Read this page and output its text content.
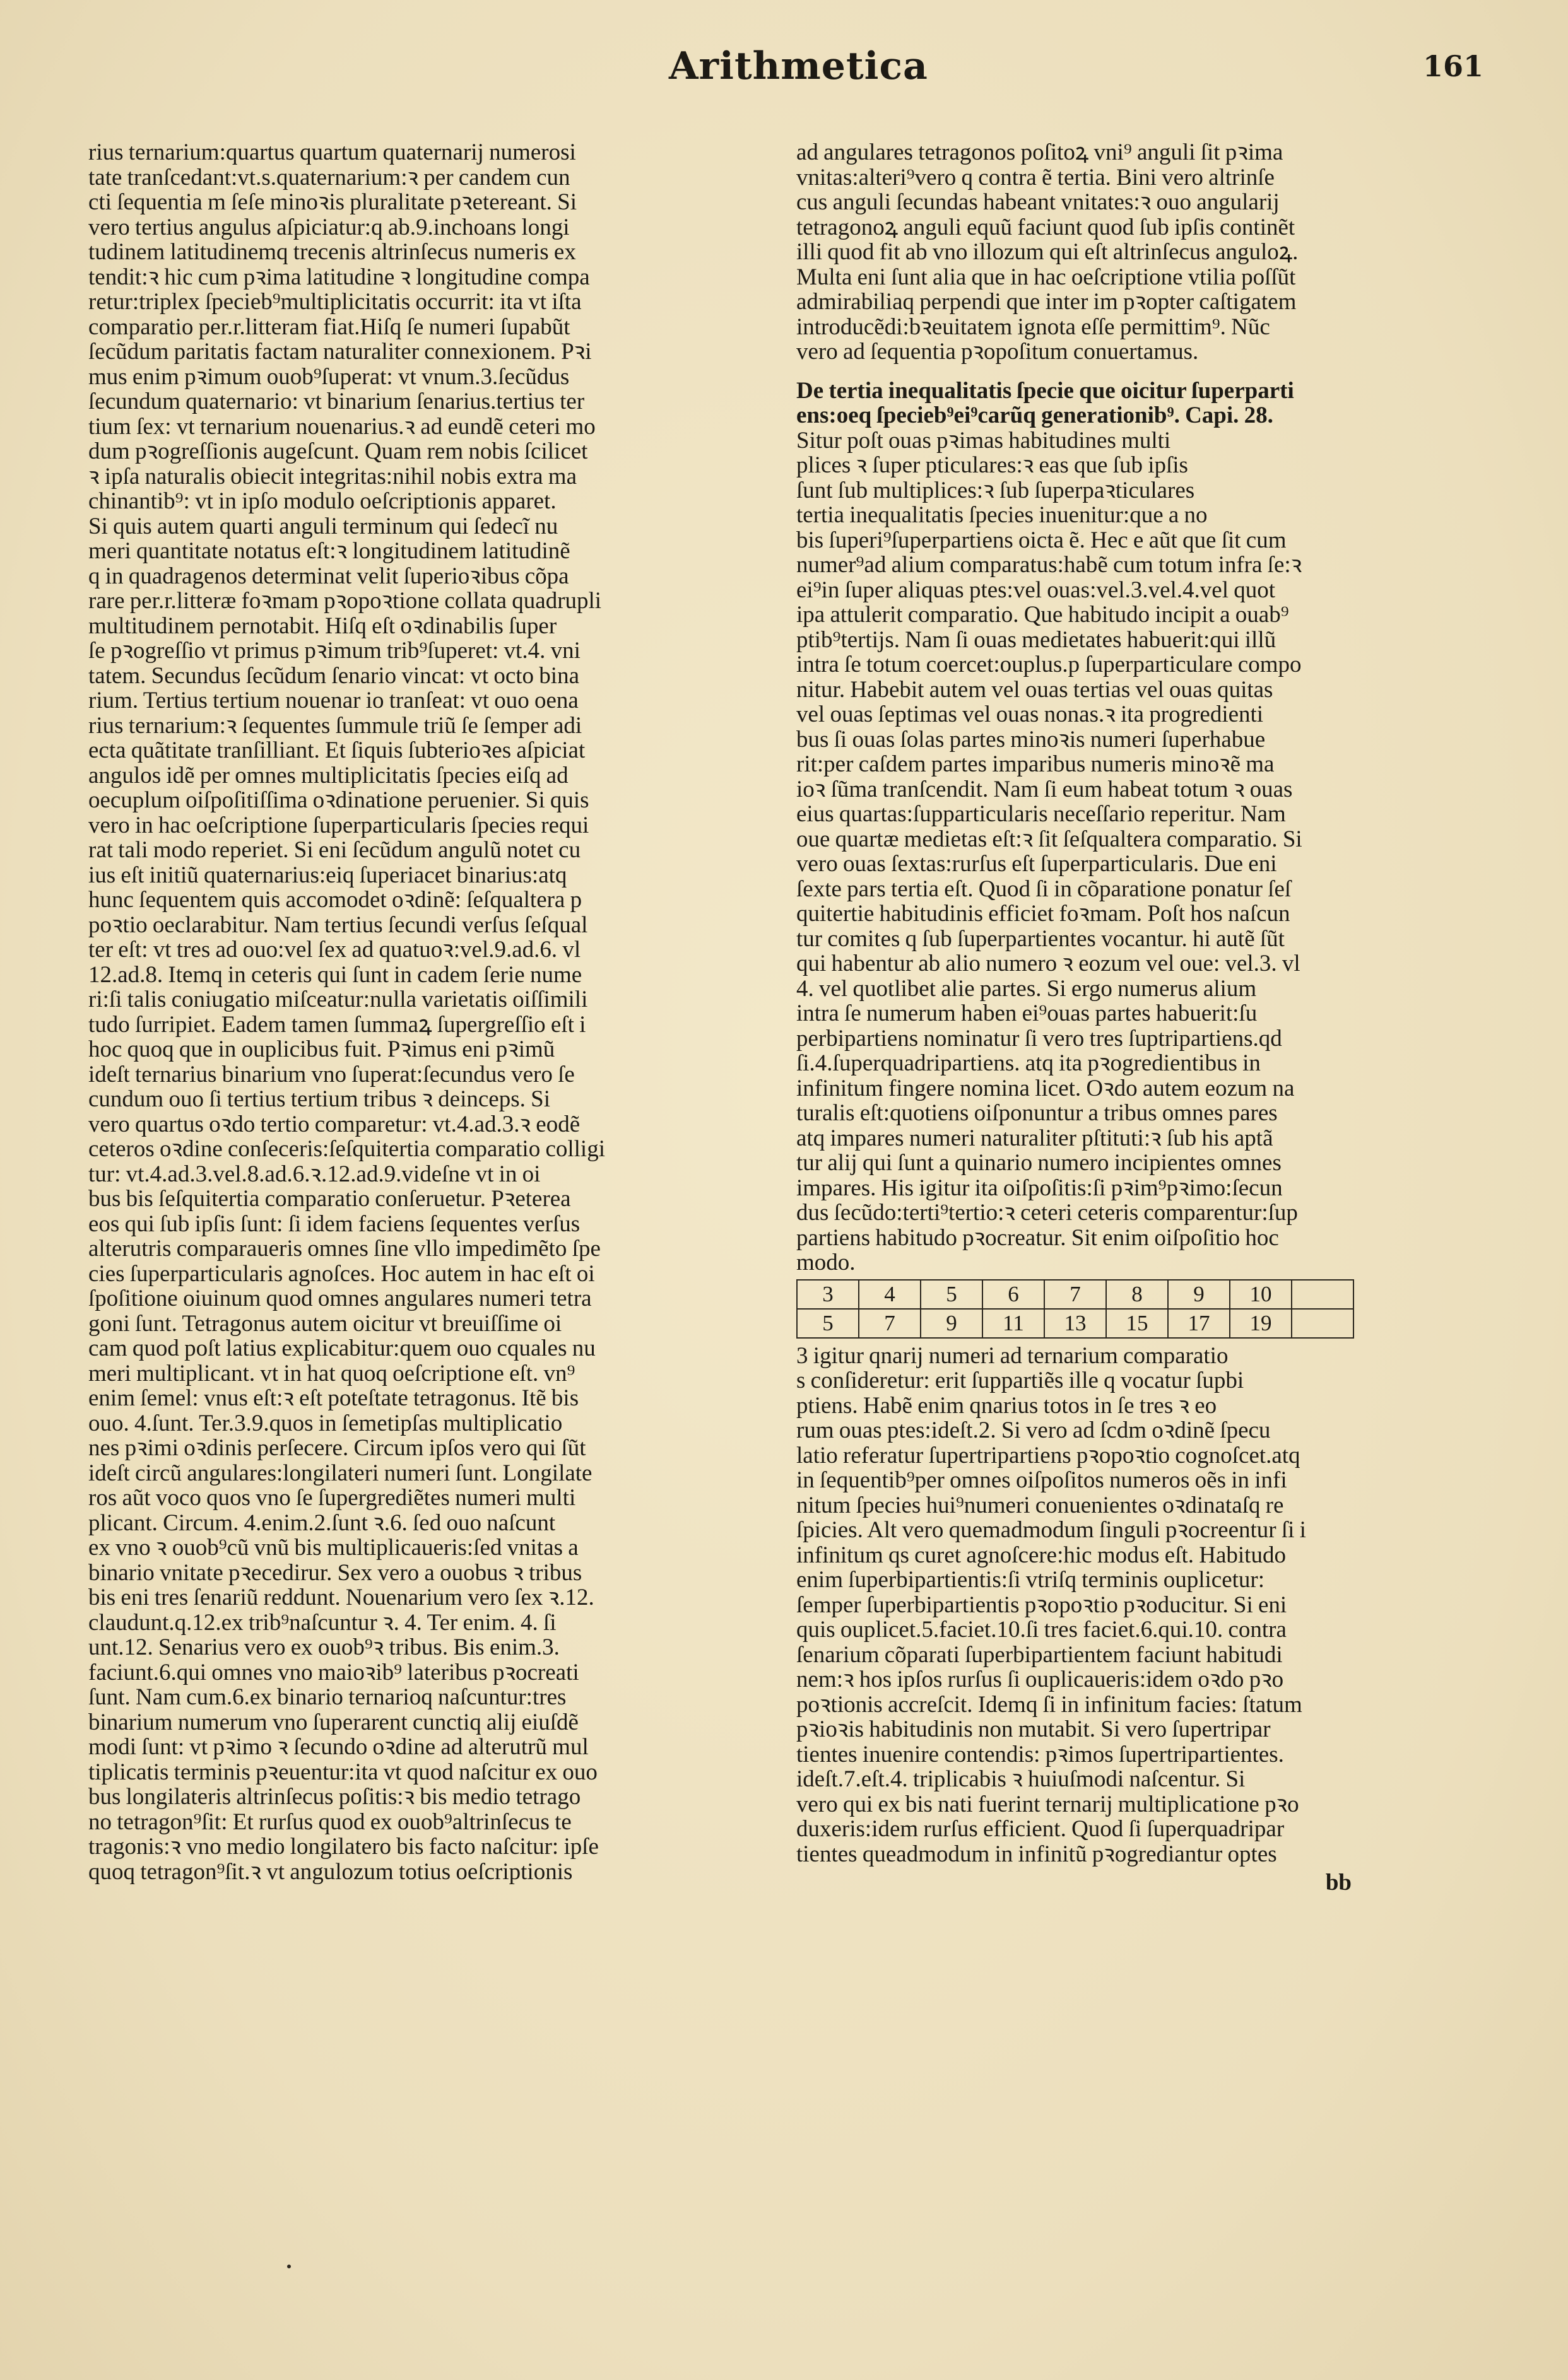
Arithmetica	161
rius ternarium:quartus quartum quaternarij numerosi
tate tranſcedant:vt.s.quaternarium:ꝛ per candem cun
cti ſequentia m ſeſe minoꝛis pluralitate pꝛetereant. Si
vero tertius angulus aſpiciatur:q ab.9.inchoans longi
tudinem latitudinemq trecenis altrinſecus numeris ex
tendit:ꝛ hic cum pꝛima latitudine ꝛ longitudine compa
retur:triplex ſpecieb⁹multiplicitatis occurrit: ita vt iſta
comparatio per.r.litteram fiat.Hiſq ſe numeri ſupabũt
ſecũdum paritatis factam naturaliter connexionem. Pꝛi
mus enim pꝛimum ouob⁹ſuperat: vt vnum.3.ſecũdus
ſecundum quaternario: vt binarium ſenarius.tertius ter
tium ſex: vt ternarium nouenarius.ꝛ ad eundẽ ceteri mo
dum pꝛogreſſionis augeſcunt. Quam rem nobis ſcilicet
ꝛ ipſa naturalis obiecit integritas:nihil nobis extra ma
chinantib⁹: vt in ipſo modulo oeſcriptionis apparet.
Si quis autem quarti anguli terminum qui ſedecĩ nu
meri quantitate notatus eſt:ꝛ longitudinem latitudinẽ
q in quadragenos determinat velit ſuperioꝛibus cõpa
rare per.r.litteræ foꝛmam pꝛopoꝛtione collata quadrupli
multitudinem pernotabit. Hiſq eſt oꝛdinabilis ſuper
ſe pꝛogreſſio vt primus pꝛimum trib⁹ſuperet: vt.4. vni
tatem. Secundus ſecũdum ſenario vincat: vt octo bina
rium. Tertius tertium nouenar io tranſeat: vt ouo oena
rius ternarium:ꝛ ſequentes ſummule triũ ſe ſemper adi
ecta quãtitate tranſilliant. Et ſiquis ſubterioꝛes aſpiciat
angulos idẽ per omnes multiplicitatis ſpecies eiſq ad
oecuplum oiſpoſitiſſima oꝛdinatione peruenier. Si quis
vero in hac oeſcriptione ſuperparticularis ſpecies requi
rat tali modo reperiet. Si eni ſecũdum angulũ notet cu
ius eſt initiũ quaternarius:eiq ſuperiacet binarius:atq
hunc ſequentem quis accomodet oꝛdinẽ: ſeſqualtera p
poꝛtio oeclarabitur. Nam tertius ſecundi verſus ſeſqual
ter eſt: vt tres ad ouo:vel ſex ad quatuoꝛ:vel.9.ad.6. vl
12.ad.8. Itemq in ceteris qui ſunt in cadem ſerie nume
ri:ſi talis coniugatio miſceatur:nulla varietatis oiſſimili
tudo ſurripiet. Eadem tamen ſummaꝝ ſupergreſſio eſt i
hoc quoq que in ouplicibus fuit. Pꝛimus eni pꝛimũ
ideſt ternarius binarium vno ſuperat:ſecundus vero ſe
cundum ouo ſi tertius tertium tribus ꝛ deinceps. Si
vero quartus oꝛdo tertio comparetur: vt.4.ad.3.ꝛ eodẽ
ceteros oꝛdine conſeceris:ſeſquitertia comparatio colligi
tur: vt.4.ad.3.vel.8.ad.6.ꝛ.12.ad.9.videſne vt in oi
bus bis ſeſquitertia comparatio conſeruetur. Pꝛeterea
eos qui ſub ipſis ſunt: ſi idem faciens ſequentes verſus
alterutris comparaueris omnes ſine vllo impedimẽto ſpe
cies ſuperparticularis agnoſces. Hoc autem in hac eſt oi
ſpoſitione oiuinum quod omnes angulares numeri tetra
goni ſunt. Tetragonus autem oicitur vt breuiſſime oi
cam quod poſt latius explicabitur:quem ouo cquales nu
meri multiplicant. vt in hat quoq oeſcriptione eſt. vn⁹
enim ſemel: vnus eſt:ꝛ eſt poteſtate tetragonus. Itẽ bis
ouo. 4.ſunt. Ter.3.9.quos in ſemetipſas multiplicatio
nes pꝛimi oꝛdinis perſecere. Circum ipſos vero qui ſũt
ideſt circũ angulares:longilateri numeri ſunt. Longilate
ros aũt voco quos vno ſe ſupergrediẽtes numeri multi
plicant. Circum. 4.enim.2.ſunt ꝛ.6. ſed ouo naſcunt
ex vno ꝛ ouob⁹cũ vnũ bis multiplicaueris:ſed vnitas a
binario vnitate pꝛecedirur. Sex vero a ouobus ꝛ tribus
bis eni tres ſenariũ reddunt. Nouenarium vero ſex ꝛ.12.
claudunt.q.12.ex trib⁹naſcuntur ꝛ. 4. Ter enim. 4. ſi
unt.12. Senarius vero ex ouob⁹ꝛ tribus. Bis enim.3.
faciunt.6.qui omnes vno maioꝛib⁹ lateribus pꝛocreati
ſunt. Nam cum.6.ex binario ternarioq naſcuntur:tres
binarium numerum vno ſuperarent cunctiq alij eiuſdẽ
modi ſunt: vt pꝛimo ꝛ ſecundo oꝛdine ad alterutrũ mul
tiplicatis terminis pꝛeuentur:ita vt quod naſcitur ex ouo
bus longilateris altrinſecus poſitis:ꝛ bis medio tetrago
no tetragon⁹ſit: Et rurſus quod ex ouob⁹altrinſecus te
tragonis:ꝛ vno medio longilatero bis facto naſcitur: ipſe
quoq tetragon⁹ſit.ꝛ vt angulozum totius oeſcriptionis
ad angulares tetragonos poſitoꝝ vni⁹ anguli ſit pꝛima
vnitas:alteri⁹vero q contra ẽ tertia. Bini vero altrinſe
cus anguli ſecundas habeant vnitates:ꝛ ouo angularij
tetragonoꝝ anguli equũ faciunt quod ſub ipſis continẽt
illi quod fit ab vno illozum qui eſt altrinſecus anguloꝝ.
Multa eni ſunt alia que in hac oeſcriptione vtilia poſſũt
admirabiliaq perpendi que inter im pꝛopter caſtigatem
introducẽdi:bꝛeuitatem ignota eſſe permittim⁹. Nũc
vero ad ſequentia pꝛopoſitum conuertamus.
De tertia inequalitatis ſpecie que oicitur ſuperparti
ens:oeq ſpecieb⁹ei⁹carũq generationib⁹. Capi. 28.
Situr poſt ouas pꝛimas habitudines multi
plices ꝛ ſuper pticulares:ꝛ eas que ſub ipſis
ſunt ſub multiplices:ꝛ ſub ſuperpaꝛticulares
tertia inequalitatis ſpecies inuenitur:que a no
bis ſuperi⁹ſuperpartiens oicta ẽ. Hec e aũt que ſit cum
numer⁹ad alium comparatus:habẽ cum totum infra ſe:ꝛ
ei⁹in ſuper aliquas ptes:vel ouas:vel.3.vel.4.vel quot
ipa attulerit comparatio. Que habitudo incipit a ouab⁹
ptib⁹tertijs. Nam ſi ouas medietates habuerit:qui illũ
intra ſe totum coercet:ouplus.p ſuperparticulare compo
nitur. Habebit autem vel ouas tertias vel ouas quitas
vel ouas ſeptimas vel ouas nonas.ꝛ ita progredienti
bus ſi ouas ſolas partes minoꝛis numeri ſuperhabue
rit:per caſdem partes imparibus numeris minoꝛẽ ma
ioꝛ ſũma tranſcendit. Nam ſi eum habeat totum ꝛ ouas
eius quartas:ſupparticularis neceſſario reperitur. Nam
oue quartæ medietas eſt:ꝛ ſit ſeſqualtera comparatio. Si
vero ouas ſextas:rurſus eſt ſuperparticularis. Due eni
ſexte pars tertia eſt. Quod ſi in cõparatione ponatur ſeſ
quitertie habitudinis efficiet foꝛmam. Poſt hos naſcun
tur comites q ſub ſuperpartientes vocantur. hi autẽ ſũt
qui habentur ab alio numero ꝛ eozum vel oue: vel.3. vl
4. vel quotlibet alie partes. Si ergo numerus alium
intra ſe numerum haben ei⁹ouas partes habuerit:ſu
perbipartiens nominatur ſi vero tres ſuptripartiens.qd
ſi.4.ſuperquadripartiens. atq ita pꝛogredientibus in
infinitum fingere nomina licet. Oꝛdo autem eozum na
turalis eſt:quotiens oiſponuntur a tribus omnes pares
atq impares numeri naturaliter pſtituti:ꝛ ſub his aptã
tur alij qui ſunt a quinario numero incipientes omnes
impares. His igitur ita oiſpoſitis:ſi pꝛim⁹pꝛimo:ſecun
dus ſecũdo:terti⁹tertio:ꝛ ceteri ceteris comparentur:ſup
partiens habitudo pꝛocreatur. Sit enim oiſpoſitio hoc
modo.
3	4	5	6	7	8	9	10	
5	7	9	11	13	15	17	19	
3 igitur qnarij numeri ad ternarium comparatio
s conſideretur: erit ſuppartiẽs ille q vocatur ſupbi
ptiens. Habẽ enim qnarius totos in ſe tres ꝛ eo
rum ouas ptes:ideſt.2. Si vero ad ſcdm oꝛdinẽ ſpecu
latio referatur ſupertripartiens pꝛopoꝛtio cognoſcet.atq
in ſequentib⁹per omnes oiſpoſitos numeros oẽs in infi
nitum ſpecies hui⁹numeri conuenientes oꝛdinataſq re
ſpicies. Alt vero quemadmodum ſinguli pꝛocreentur ſi i
infinitum qs curet agnoſcere:hic modus eſt. Habitudo
enim ſuperbipartientis:ſi vtriſq terminis ouplicetur:
ſemper ſuperbipartientis pꝛopoꝛtio pꝛoducitur. Si eni
quis ouplicet.5.faciet.10.ſi tres faciet.6.qui.10. contra
ſenarium cõparati ſuperbipartientem faciunt habitudi
nem:ꝛ hos ipſos rurſus ſi ouplicaueris:idem oꝛdo pꝛo
poꝛtionis accreſcit. Idemq ſi in infinitum facies: ſtatum
pꝛioꝛis habitudinis non mutabit. Si vero ſupertripar
tientes inuenire contendis: pꝛimos ſupertripartientes.
ideſt.7.eſt.4. triplicabis ꝛ huiuſmodi naſcentur. Si
vero qui ex bis nati fuerint ternarij multiplicatione pꝛo
duxeris:idem rurſus efficient. Quod ſi ſuperquadripar
tientes queadmodum in infinitũ pꝛogrediantur optes
bb
